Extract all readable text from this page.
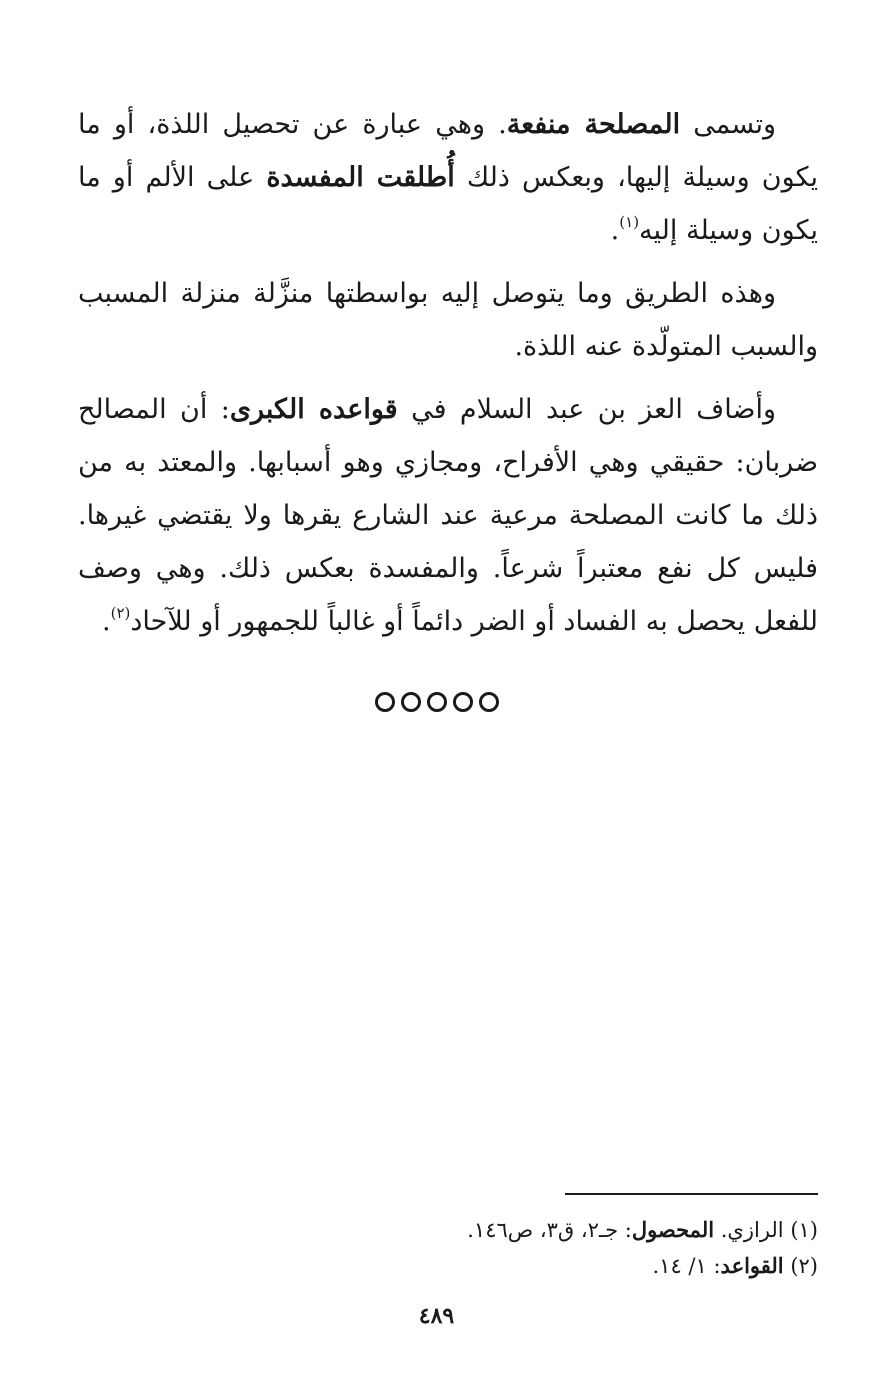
وتسمى المصلحة منفعة. وهي عبارة عن تحصيل اللذة، أو ما يكون وسيلة إليها، وبعكس ذلك أُطلقت المفسدة على الألم أو ما يكون وسيلة إليه$^{(١)}$.

وهذه الطريق وما يتوصل إليه بواسطتها منزَّلة منزلة المسبب والسبب المتولّدة عنه اللذة.

وأضاف العز بن عبد السلام في قواعده الكبرى: أن المصالح ضربان: حقيقي وهي الأفراح، ومجازي وهو أسبابها. والمعتد به من ذلك ما كانت المصلحة مرعية عند الشارع يقرها ولا يقتضي غيرها. فليس كل نفع معتبراً شرعاً. والمفسدة بعكس ذلك. وهي وصف للفعل يحصل به الفساد أو الضر دائماً أو غالباً للجمهور أو للآحاد$^{(٢)}$.

(١) الرازي. المحصول: جـ٢، ق٣، ص١٤٦.

(٢) القواعد: ١/ ١٤.

٤٨٩
